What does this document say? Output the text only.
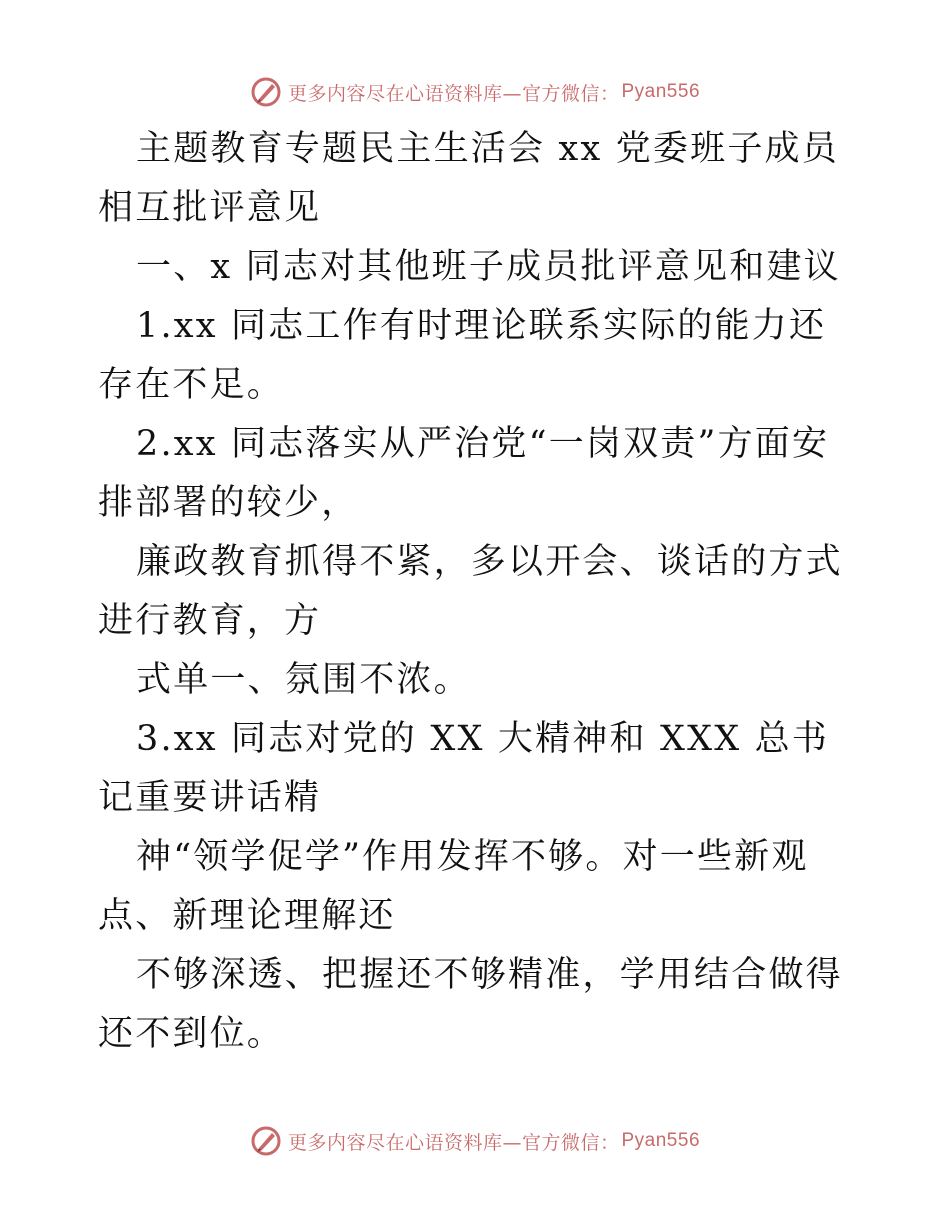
更多内容尽在心语资料库—官方微信： Pyan556

主题教育专题民主生活会 xx 党委班子成员相互批评意见

一、x 同志对其他班子成员批评意见和建议

1.xx 同志工作有时理论联系实际的能力还存在不足。

2.xx 同志落实从严治党“一岗双责”方面安排部署的较少，

廉政教育抓得不紧，多以开会、谈话的方式进行教育，方

式单一、氛围不浓。

3.xx 同志对党的 XX 大精神和 XXX 总书记重要讲话精

神“领学促学”作用发挥不够。对一些新观点、新理论理解还

不够深透、把握还不够精准，学用结合做得还不到位。

更多内容尽在心语资料库—官方微信： Pyan556
